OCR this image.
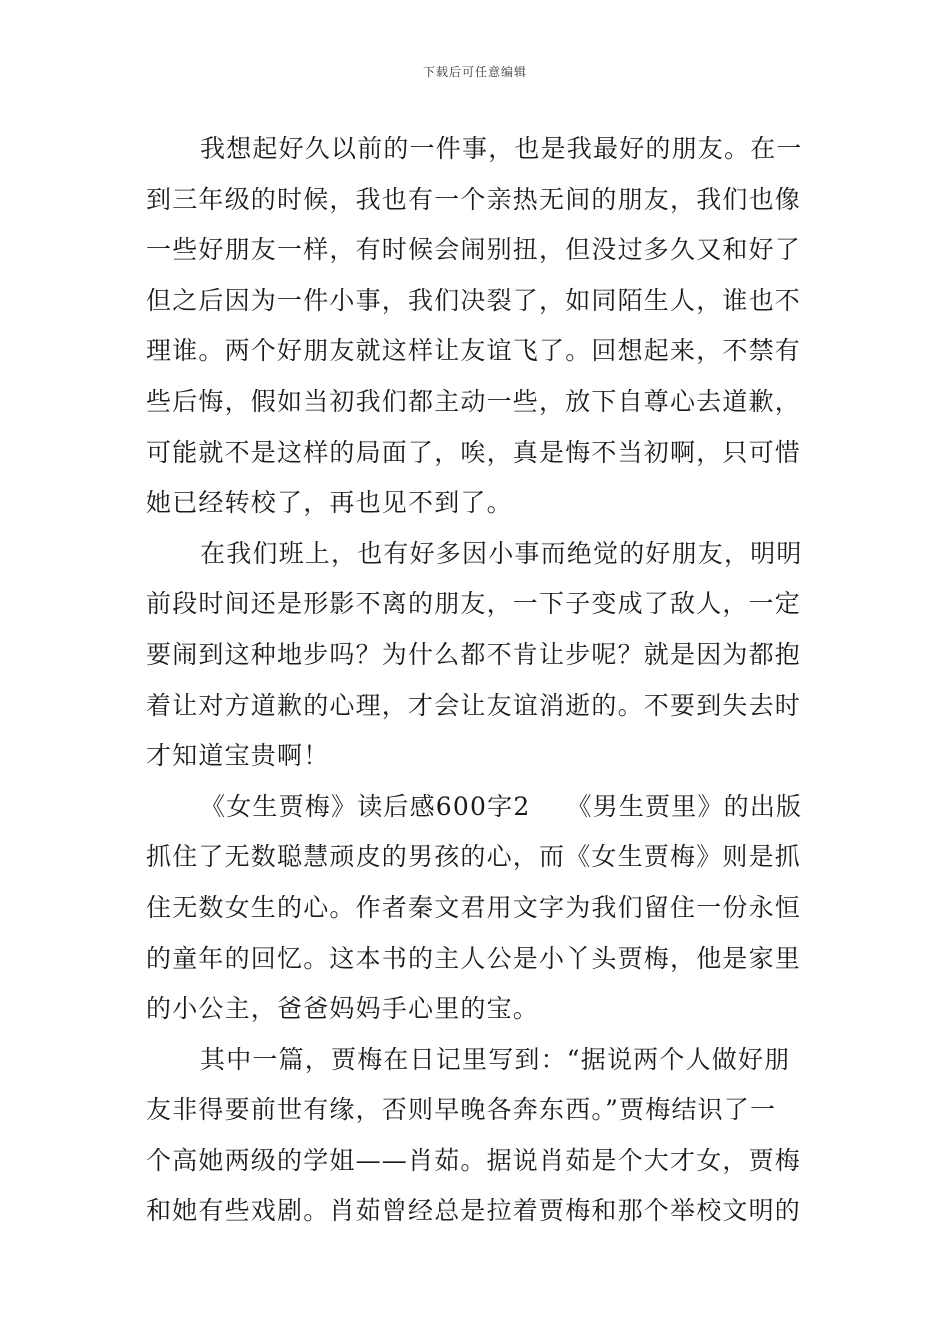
下载后可任意编辑
我想起好久以前的一件事，也是我最好的朋友。在一
到三年级的时候，我也有一个亲热无间的朋友，我们也像
一些好朋友一样，有时候会闹别扭，但没过多久又和好了
但之后因为一件小事，我们决裂了，如同陌生人，谁也不
理谁。两个好朋友就这样让友谊飞了。回想起来，不禁有
些后悔，假如当初我们都主动一些，放下自尊心去道歉，
可能就不是这样的局面了，唉，真是悔不当初啊，只可惜
她已经转校了，再也见不到了。
在我们班上，也有好多因小事而绝觉的好朋友，明明
前段时间还是形影不离的朋友，一下子变成了敌人，一定
要闹到这种地步吗？为什么都不肯让步呢？就是因为都抱
着让对方道歉的心理，才会让友谊消逝的。不要到失去时
才知道宝贵啊！
《女生贾梅》读后感600字2 《男生贾里》的出版
抓住了无数聪慧顽皮的男孩的心，而《女生贾梅》则是抓
住无数女生的心。作者秦文君用文字为我们留住一份永恒
的童年的回忆。这本书的主人公是小丫头贾梅，他是家里
的小公主，爸爸妈妈手心里的宝。
其中一篇，贾梅在日记里写到：“据说两个人做好朋
友非得要前世有缘，否则早晚各奔东西。”贾梅结识了一
个高她两级的学姐——肖茹。据说肖茹是个大才女，贾梅
和她有些戏剧。肖茹曾经总是拉着贾梅和那个举校文明的
